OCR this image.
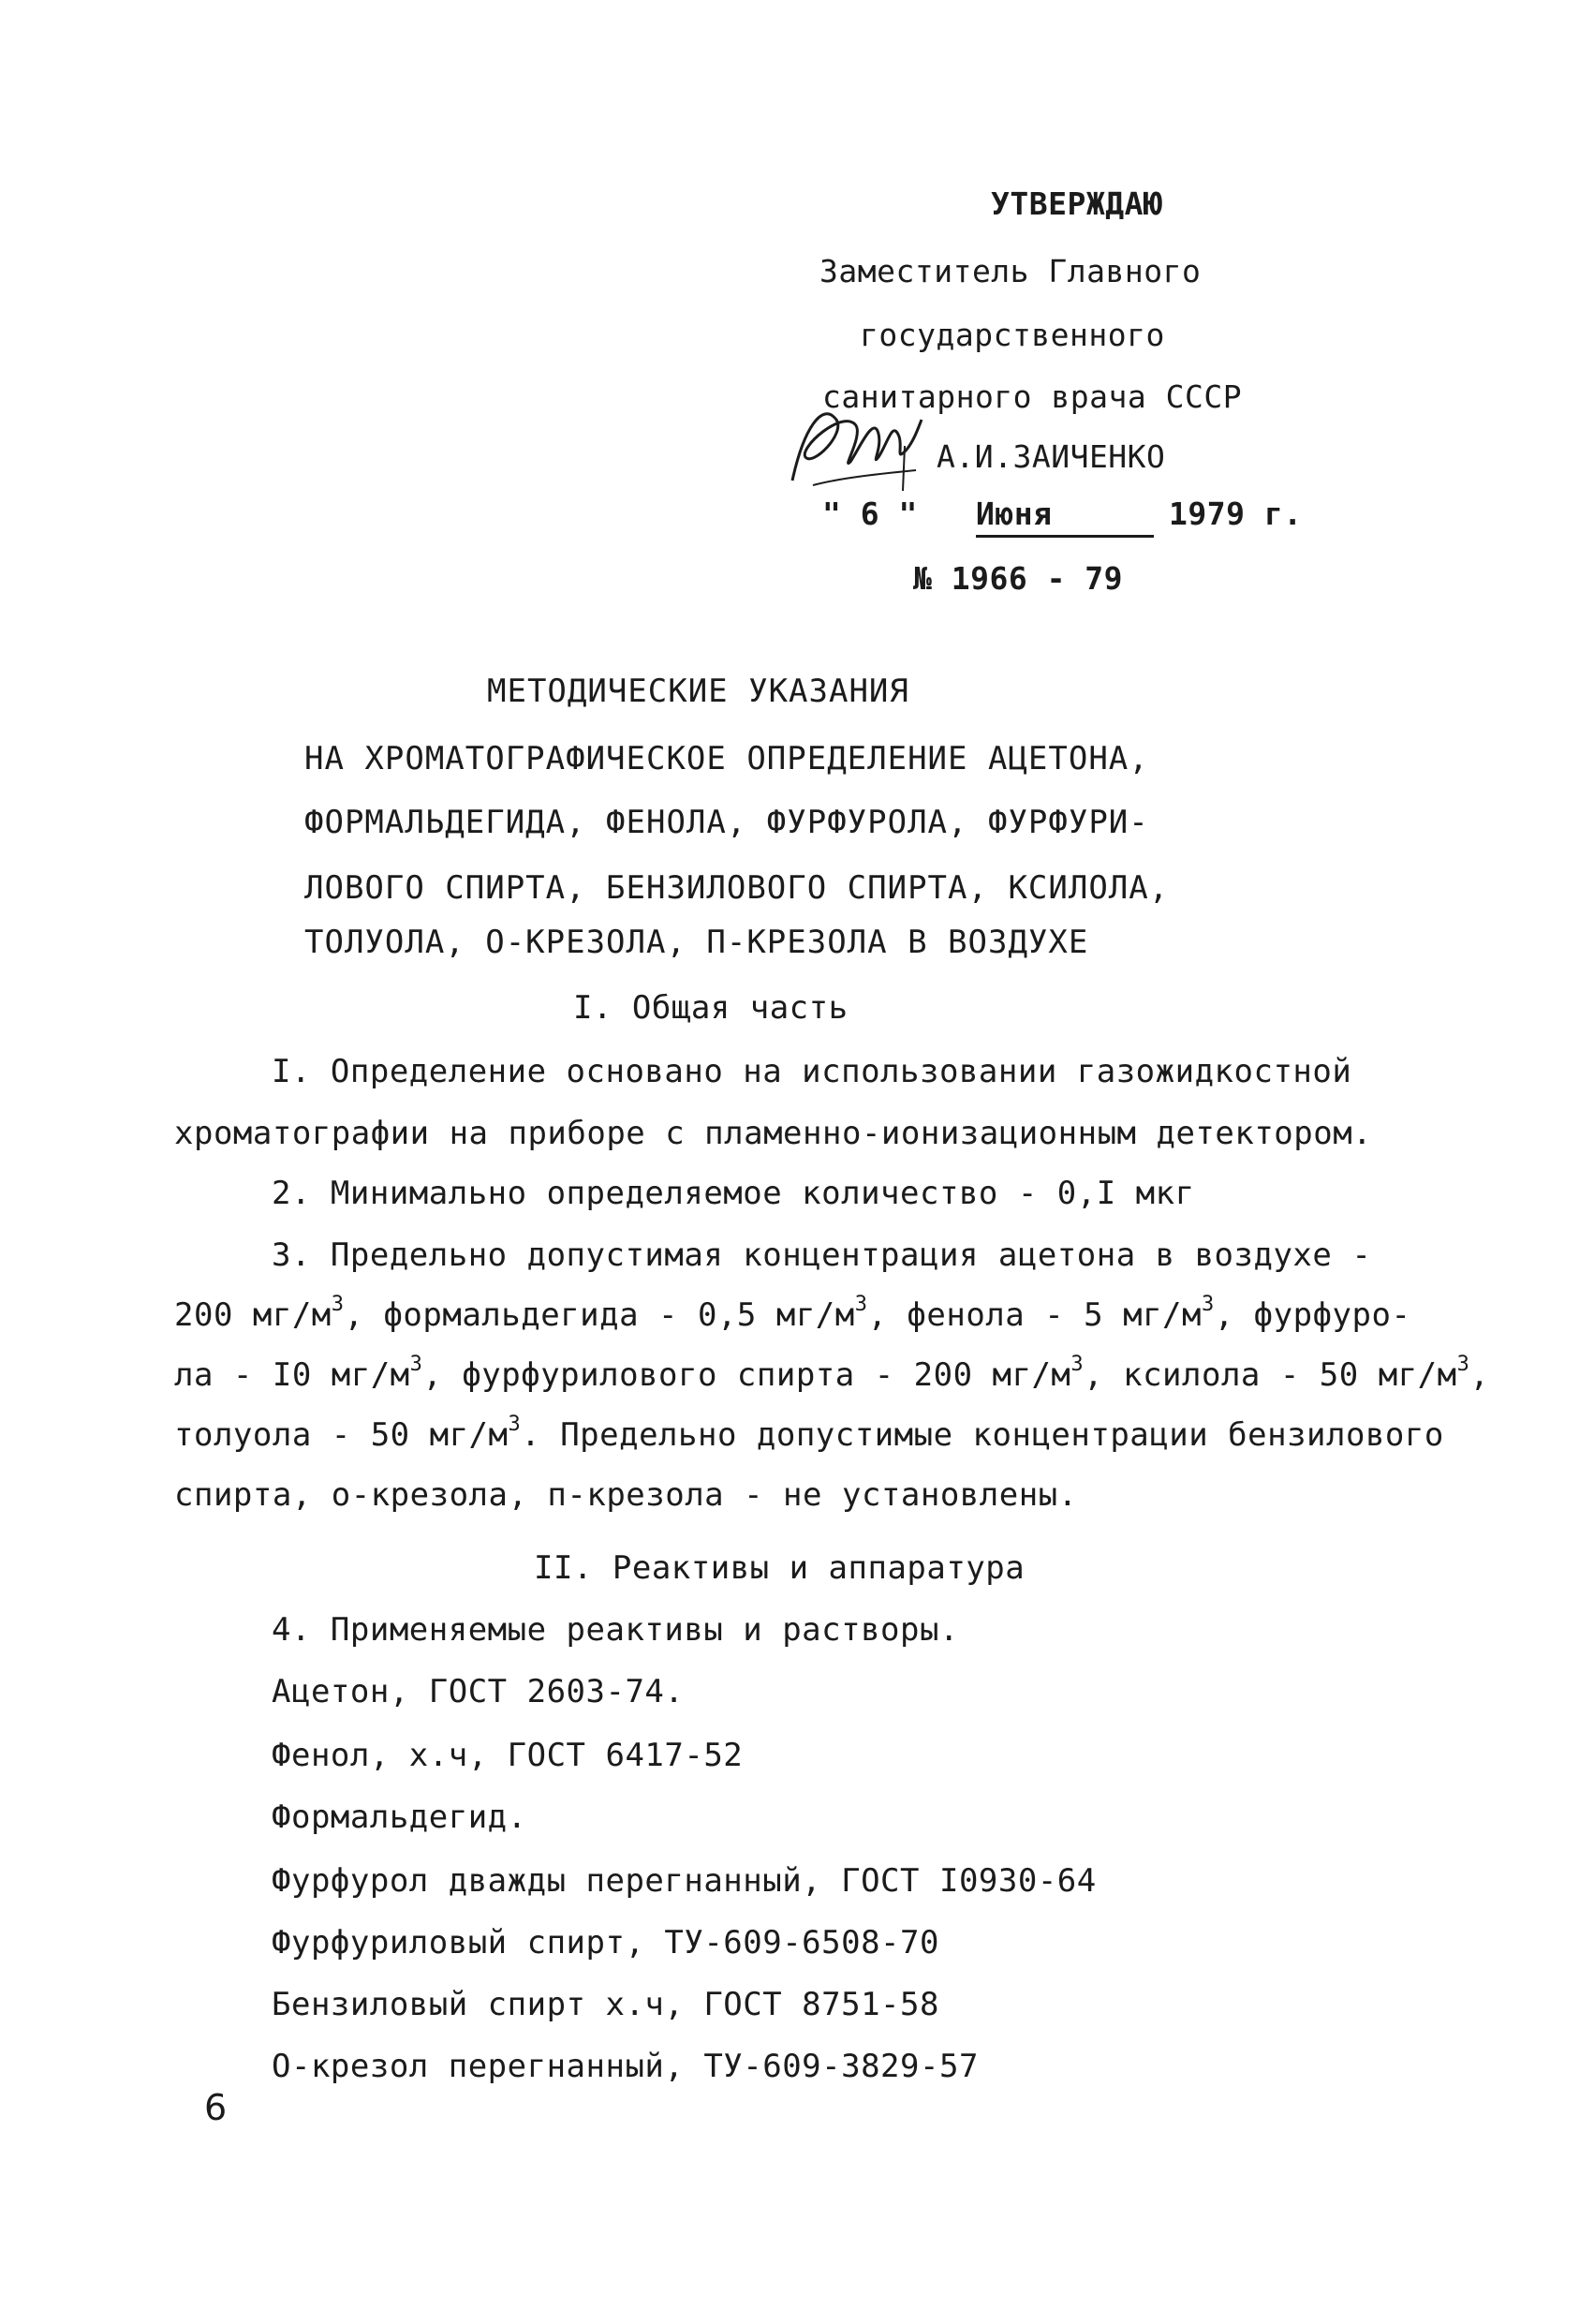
УТВЕРЖДАЮ
Заместитель Главного
государственного
санитарного врача СССР
А.И.ЗАИЧЕНКО
" 6 " Июня	1979 г.
№ 1966 - 79
МЕТОДИЧЕСКИЕ УКАЗАНИЯ
НА ХРОМАТОГРАФИЧЕСКОЕ ОПРЕДЕЛЕНИЕ АЦЕТОНА,
ФОРМАЛЬДЕГИДА, ФЕНОЛА, ФУРФУРОЛА, ФУРФУРИ-
ЛОВОГО СПИРТА, БЕНЗИЛОВОГО СПИРТА, КСИЛОЛА,
ТОЛУОЛА, О-КРЕЗОЛА, П-КРЕЗОЛА В ВОЗДУХЕ
I. Общая часть
I. Определение основано на использовании газожидкостной
хроматографии на приборе с пламенно-ионизационным детектором.
2. Минимально определяемое количество - 0,I мкг
3. Предельно допустимая концентрация ацетона в воздухе -
200 $мг/м^3$, формальдегида - 0,5 $мг/м^3$, фенола - 5 $мг/м^3$, фурфуро-
ла - I0 $мг/м^3$, фурфурилового спирта - 200 $мг/м^3$, ксилола - 50 $мг/м^3$,
толуола - 50 $мг/м^3$. Предельно допустимые концентрации бензилового
спирта, о-крезола, п-крезола - не установлены.
II. Реактивы и аппаратура
4. Применяемые реактивы и растворы.
Ацетон, ГОСТ 2603-74.
Фенол, х.ч, ГОСТ 6417-52
Формальдегид.
Фурфурол дважды перегнанный, ГОСТ I0930-64
Фурфуриловый спирт, ТУ-609-6508-70
Бензиловый спирт х.ч, ГОСТ 8751-58
О-крезол перегнанный, ТУ-609-3829-57
6
